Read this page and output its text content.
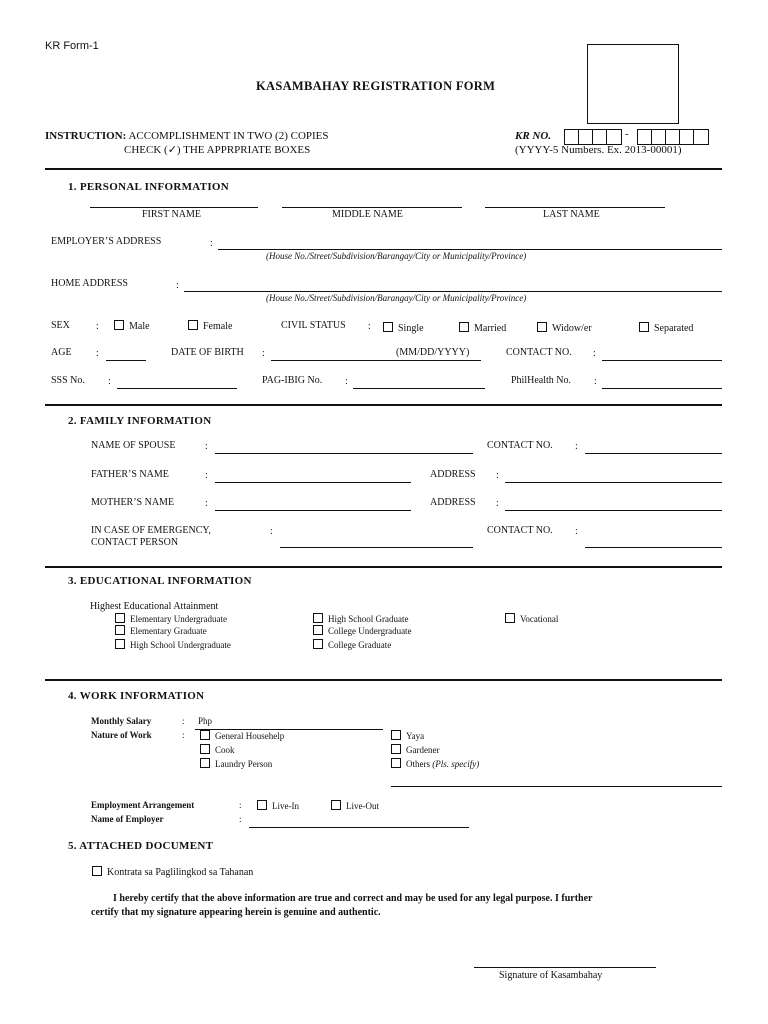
KR Form-1
KASAMBAHAY REGISTRATION FORM
INSTRUCTION: ACCOMPLISHMENT IN TWO (2) COPIES
CHECK (✓) THE APPRPRIATE BOXES
KR NO.	-
(YYYY-5 Numbers. Ex. 2013-00001)
1. PERSONAL INFORMATION
FIRST NAME	MIDDLE NAME	LAST NAME
EMPLOYER’S ADDRESS	:
(House No./Street/Subdivision/Barangay/City or Municipality/Province)
HOME ADDRESS	:
(House No./Street/Subdivision/Barangay/City or Municipality/Province)
SEX	:	Male	Female	CIVIL STATUS :	Single	Married	Widow/er	Separated
AGE :	DATE OF BIRTH :	(MM/DD/YYYY)	CONTACT NO. :
SSS No. :	PAG-IBIG No. :	PhilHealth No. :
2. FAMILY INFORMATION
NAME OF SPOUSE	:	CONTACT NO. :
FATHER’S NAME	:	ADDRESS :
MOTHER’S NAME	:	ADDRESS :
IN CASE OF EMERGENCY,
CONTACT PERSON
:	CONTACT NO. :
3. EDUCATIONAL INFORMATION
Highest Educational Attainment
Elementary Undergraduate
Elementary Graduate
High School Undergraduate
High School Graduate
College Undergraduate
College Graduate
Vocational
4. WORK INFORMATION
Monthly Salary	: Php
Nature of Work	:	General Househelp
Cook
Laundry Person
Yaya
Gardener
Others (Pls. specify)
Employment Arrangement	:	Live-In	Live-Out
Name of Employer	:
5. ATTACHED DOCUMENT
Kontrata sa Paglilingkod sa Tahanan
I hereby certify that the above information are true and correct and may be used for any legal purpose. I further
certify that my signature appearing herein is genuine and authentic.
Signature of Kasambahay
